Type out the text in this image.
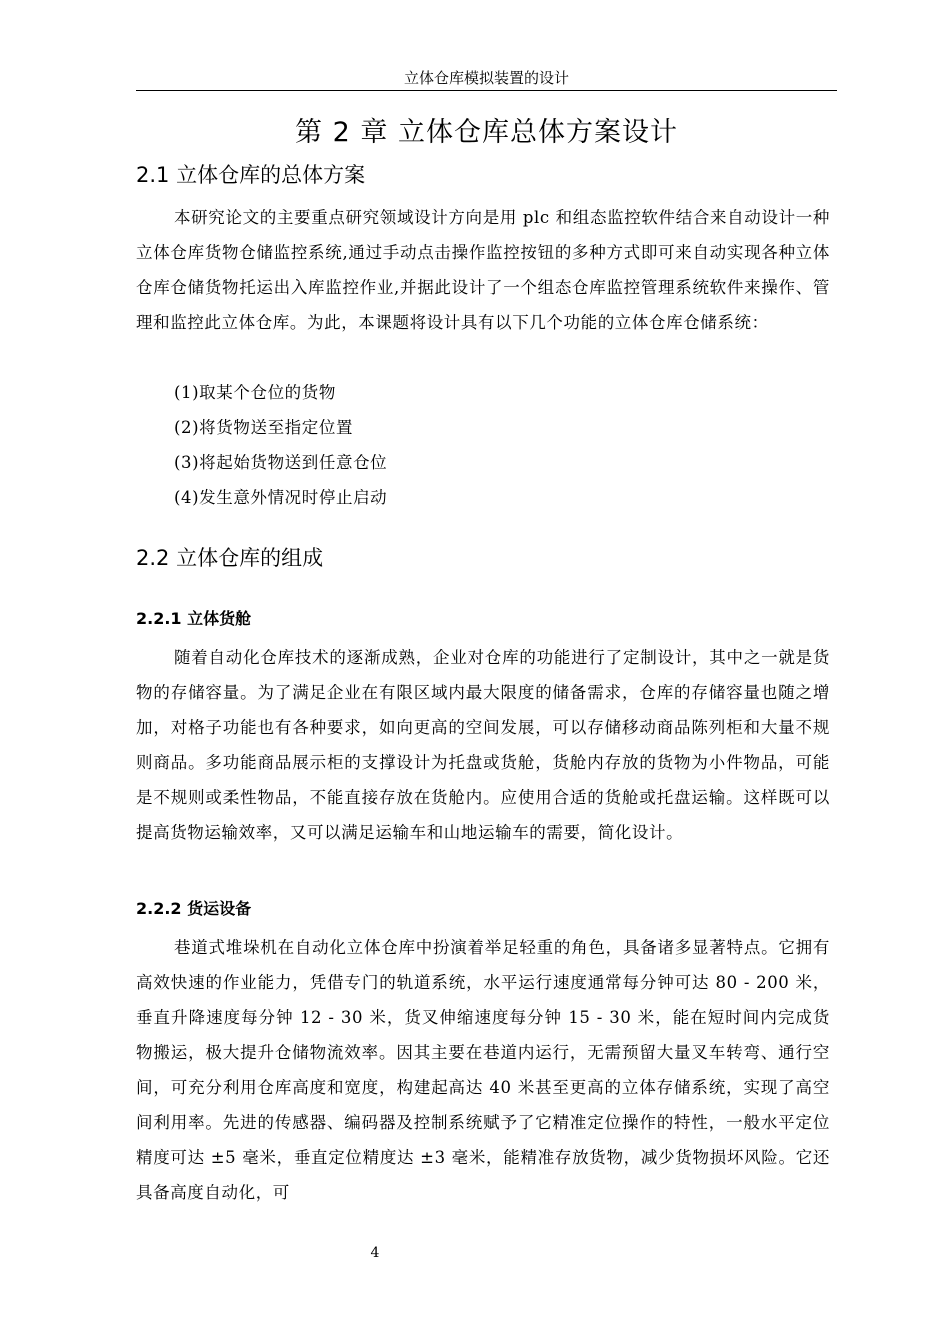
立体仓库模拟装置的设计
第 2 章 立体仓库总体方案设计
2.1 立体仓库的总体方案

本研究论文的主要重点研究领域设计方向是用 plc 和组态监控软件结合来自动设计一种立体仓库货物仓储监控系统,通过手动点击操作监控按钮的多种方式即可来自动实现各种立体仓库仓储货物托运出入库监控作业,并据此设计了一个组态仓库监控管理系统软件来操作、管理和监控此立体仓库。为此，本课题将设计具有以下几个功能的立体仓库仓储系统：

(1)取某个仓位的货物
(2)将货物送至指定位置
(3)将起始货物送到任意仓位
(4)发生意外情况时停止启动
2.2 立体仓库的组成
2.2.1 立体货舱

随着自动化仓库技术的逐渐成熟，企业对仓库的功能进行了定制设计，其中之一就是货物的存储容量。为了满足企业在有限区域内最大限度的储备需求，仓库的存储容量也随之增加，对格子功能也有各种要求，如向更高的空间发展，可以存储移动商品陈列柜和大量不规则商品。多功能商品展示柜的支撑设计为托盘或货舱，货舱内存放的货物为小件物品，可能是不规则或柔性物品，不能直接存放在货舱内。应使用合适的货舱或托盘运输。这样既可以提高货物运输效率，又可以满足运输车和山地运输车的需要，简化设计。

2.2.2 货运设备

巷道式堆垛机在自动化立体仓库中扮演着举足轻重的角色，具备诸多显著特点。它拥有高效快速的作业能力，凭借专门的轨道系统，水平运行速度通常每分钟可达 80 - 200 米，垂直升降速度每分钟 12 - 30 米，货叉伸缩速度每分钟 15 - 30 米，能在短时间内完成货物搬运，极大提升仓储物流效率。因其主要在巷道内运行，无需预留大量叉车转弯、通行空间，可充分利用仓库高度和宽度，构建起高达 40 米甚至更高的立体存储系统，实现了高空间利用率。先进的传感器、编码器及控制系统赋予了它精准定位操作的特性，一般水平定位精度可达 ±5 毫米，垂直定位精度达 ±3 毫米，能精准存放货物，减少货物损坏风险。它还具备高度自动化，可

4
